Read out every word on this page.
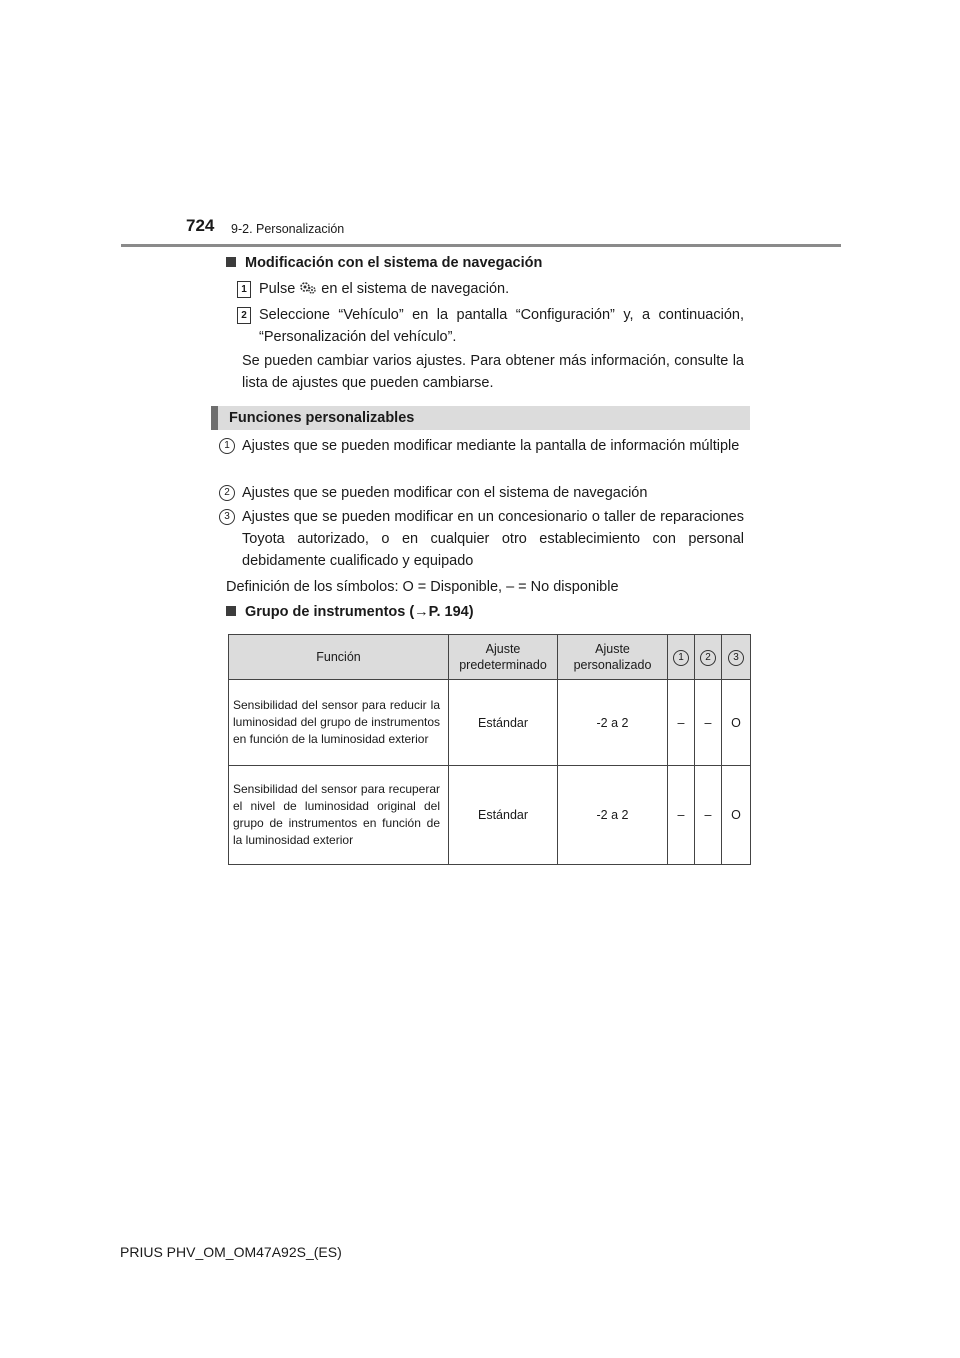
724 9-2. Personalización
Modificación con el sistema de navegación
1 Pulse en el sistema de navegación.
2 Seleccione “Vehículo” en la pantalla “Configuración” y, a continuación, “Personalización del vehículo”.
Se pueden cambiar varios ajustes. Para obtener más información, consulte la lista de ajustes que pueden cambiarse.
Funciones personalizables
1 Ajustes que se pueden modificar mediante la pantalla de información múltiple
2 Ajustes que se pueden modificar con el sistema de navegación
3 Ajustes que se pueden modificar en un concesionario o taller de reparaciones Toyota autorizado, o en cualquier otro establecimiento con personal debidamente cualificado y equipado
Definición de los símbolos: O = Disponible, – = No disponible
Grupo de instrumentos (→P. 194)
Función	Ajuste predeterminado	Ajuste personalizado	1	2	3
Sensibilidad del sensor para reducir la luminosidad del grupo de instrumentos en función de la luminosidad exterior	Estándar	-2 a 2	–	–	O
Sensibilidad del sensor para recuperar el nivel de luminosidad original del grupo de instrumentos en función de la luminosidad exterior	Estándar	-2 a 2	–	–	O
PRIUS PHV_OM_OM47A92S_(ES)
